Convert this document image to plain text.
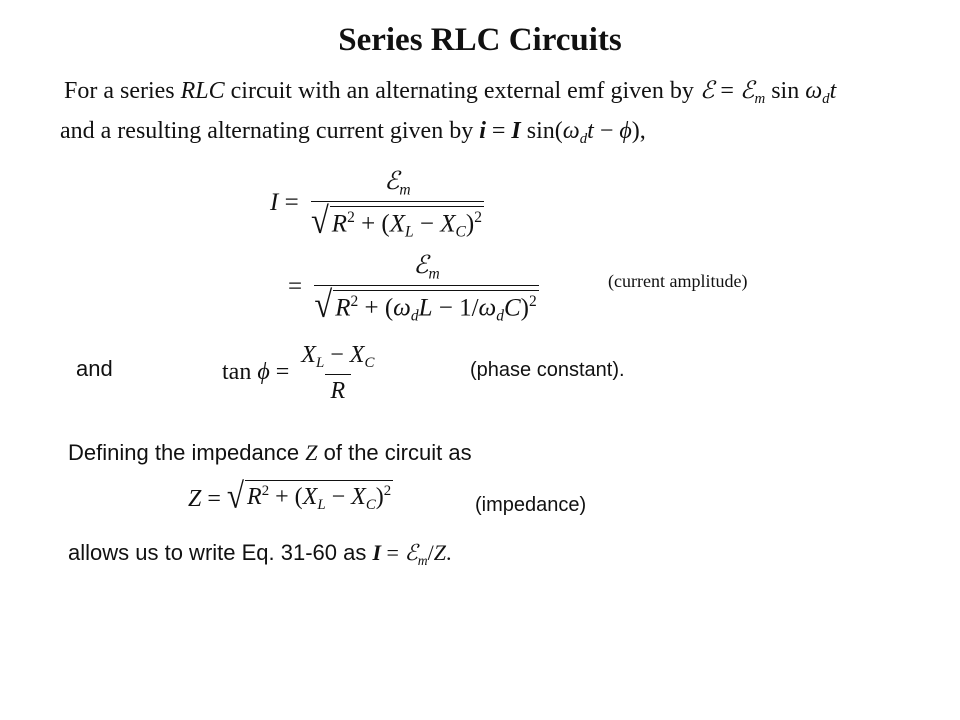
Series RLC Circuits
For a series RLC circuit with an alternating external emf given by ℰ = ℰ$_m$ $\sin \omega_dt$
and a resulting alternating current given by i = I $\sin(\omega_dt - \phi)$,
I =
ℰ$_m$
√ $R^2 + (X_L - X_C)^2$
=
ℰ$_m$
√ $R^2 + (\omega_dL - 1/\omega_dC)^2$
(current amplitude)
and	$\tan \phi = \frac{X_L - X_C}{R}$	(phase constant).
Defining the impedance Z of the circuit as
Z = √ $R^2 + (X_L - X_C)^2$
(impedance)
allows us to write Eq. 31-60 as I = ℰ$_m$/Z.
